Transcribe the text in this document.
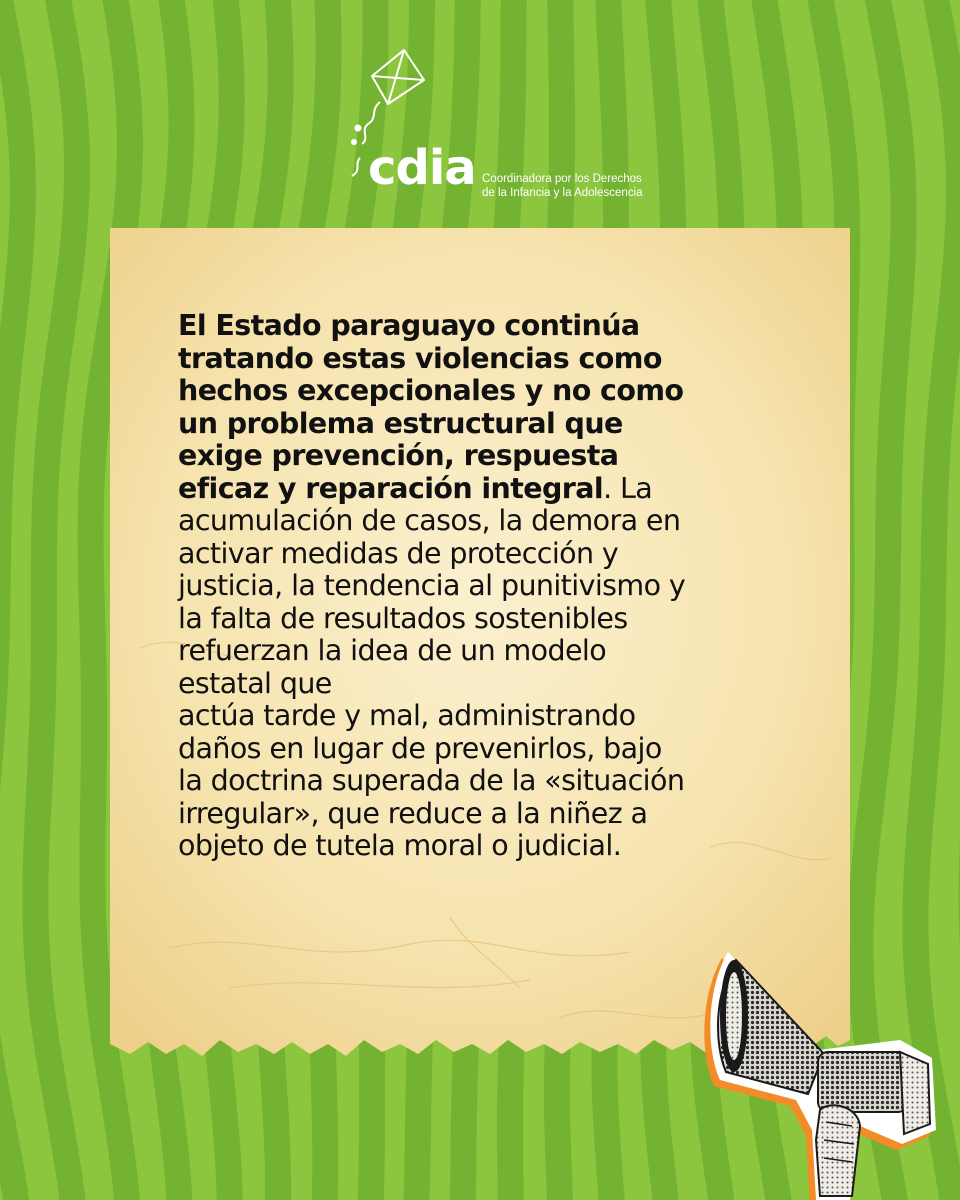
cdia Coordinadora por los Derechos
de la Infancia y la Adolescencia
El Estado paraguayo continúa
tratando estas violencias como
hechos excepcionales y no como
un problema estructural que
exige prevención, respuesta
eficaz y reparación integral. La
acumulación de casos, la demora en
activar medidas de protección y
justicia, la tendencia al punitivismo y
la falta de resultados sostenibles
refuerzan la idea de un modelo
estatal que
actúa tarde y mal, administrando
daños en lugar de prevenirlos, bajo
la doctrina superada de la «situación
irregular», que reduce a la niñez a
objeto de tutela moral o judicial.
